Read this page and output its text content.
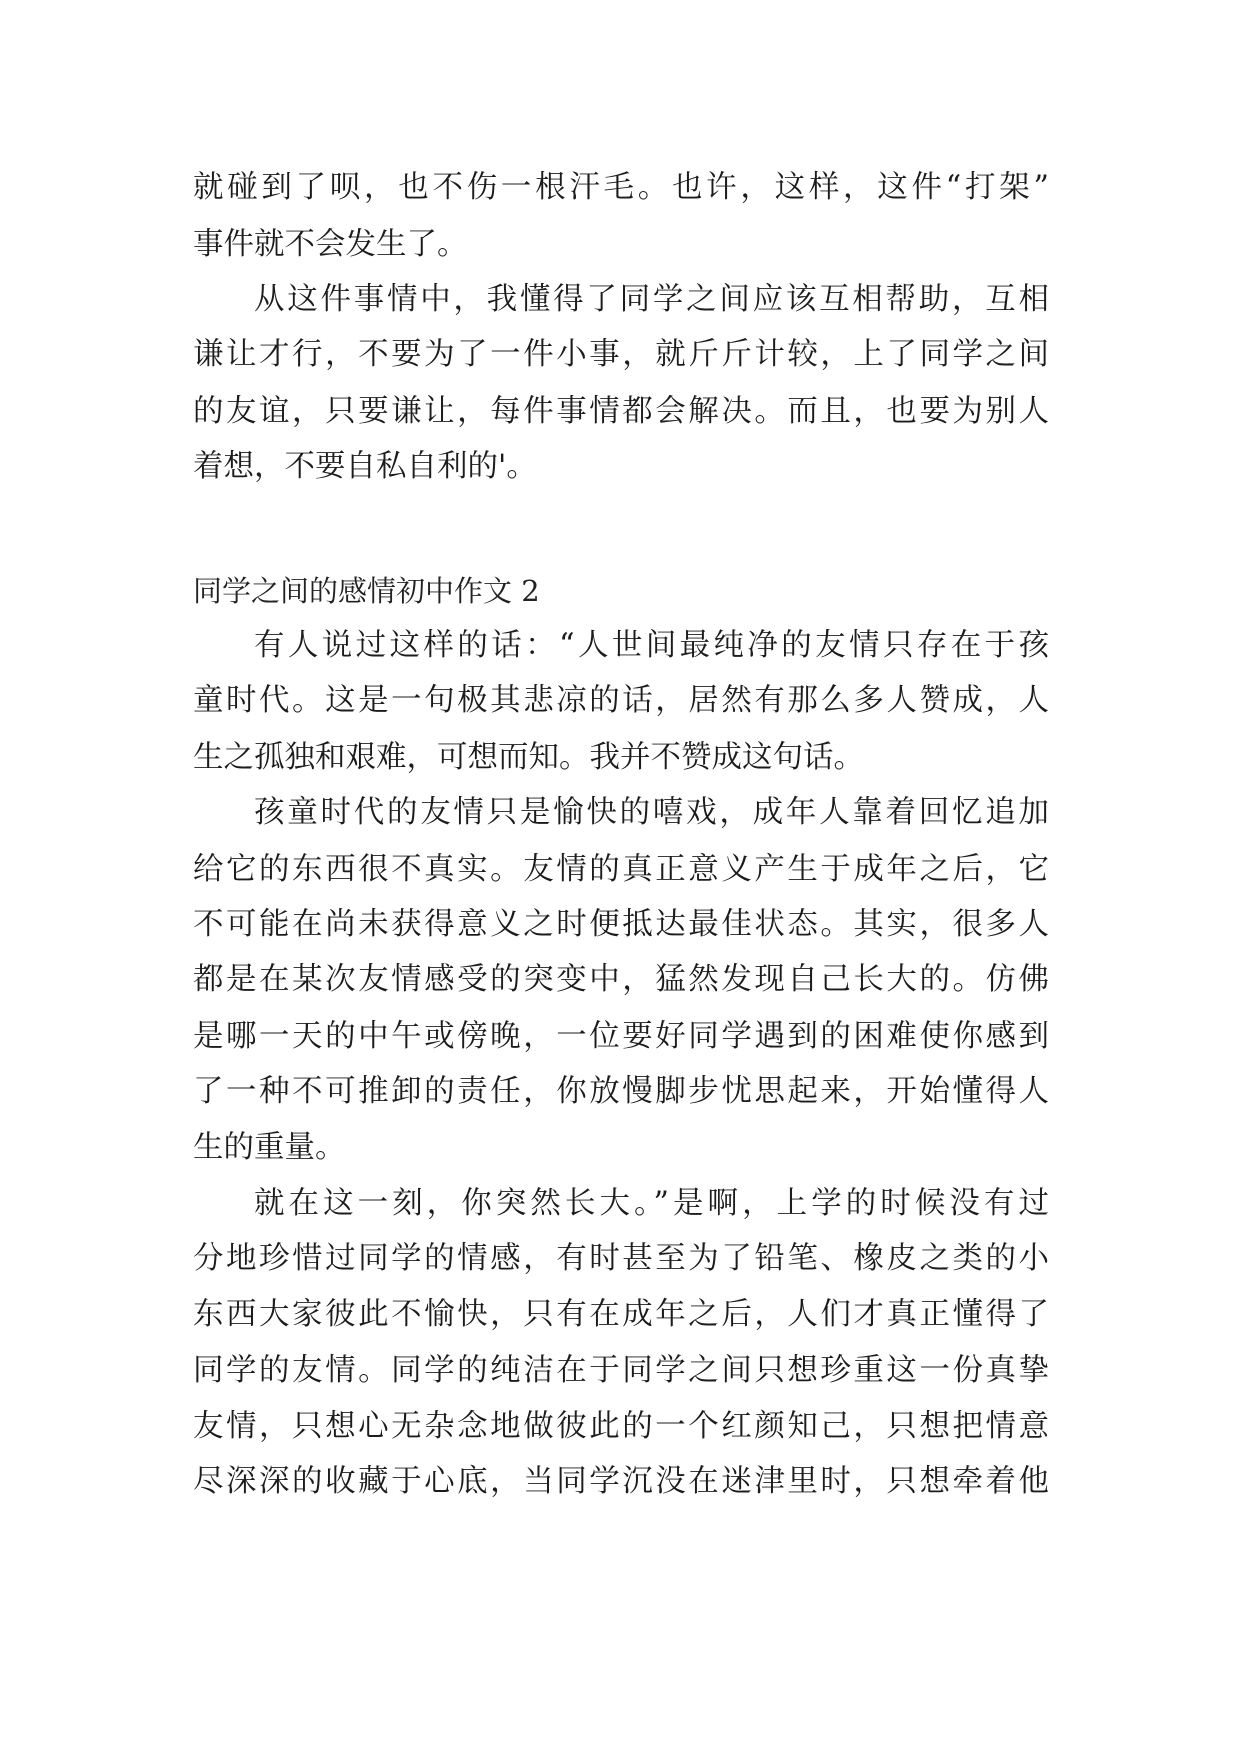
就碰到了呗，也不伤一根汗毛。也许，这样，这件“打架”
事件就不会发生了。
从这件事情中，我懂得了同学之间应该互相帮助，互相
谦让才行，不要为了一件小事，就斤斤计较，上了同学之间
的友谊，只要谦让，每件事情都会解决。而且，也要为别人
着想，不要自私自利的'。
同学之间的感情初中作文 2
有人说过这样的话：“人世间最纯净的友情只存在于孩
童时代。这是一句极其悲凉的话，居然有那么多人赞成，人
生之孤独和艰难，可想而知。我并不赞成这句话。
孩童时代的友情只是愉快的嘻戏，成年人靠着回忆追加
给它的东西很不真实。友情的真正意义产生于成年之后，它
不可能在尚未获得意义之时便抵达最佳状态。其实，很多人
都是在某次友情感受的突变中，猛然发现自己长大的。仿佛
是哪一天的中午或傍晚，一位要好同学遇到的困难使你感到
了一种不可推卸的责任，你放慢脚步忧思起来，开始懂得人
生的重量。
就在这一刻，你突然长大。”是啊，上学的时候没有过
分地珍惜过同学的情感，有时甚至为了铅笔、橡皮之类的小
东西大家彼此不愉快，只有在成年之后，人们才真正懂得了
同学的友情。同学的纯洁在于同学之间只想珍重这一份真挚
友情，只想心无杂念地做彼此的一个红颜知己，只想把情意
尽深深的收藏于心底，当同学沉没在迷津里时，只想牵着他
